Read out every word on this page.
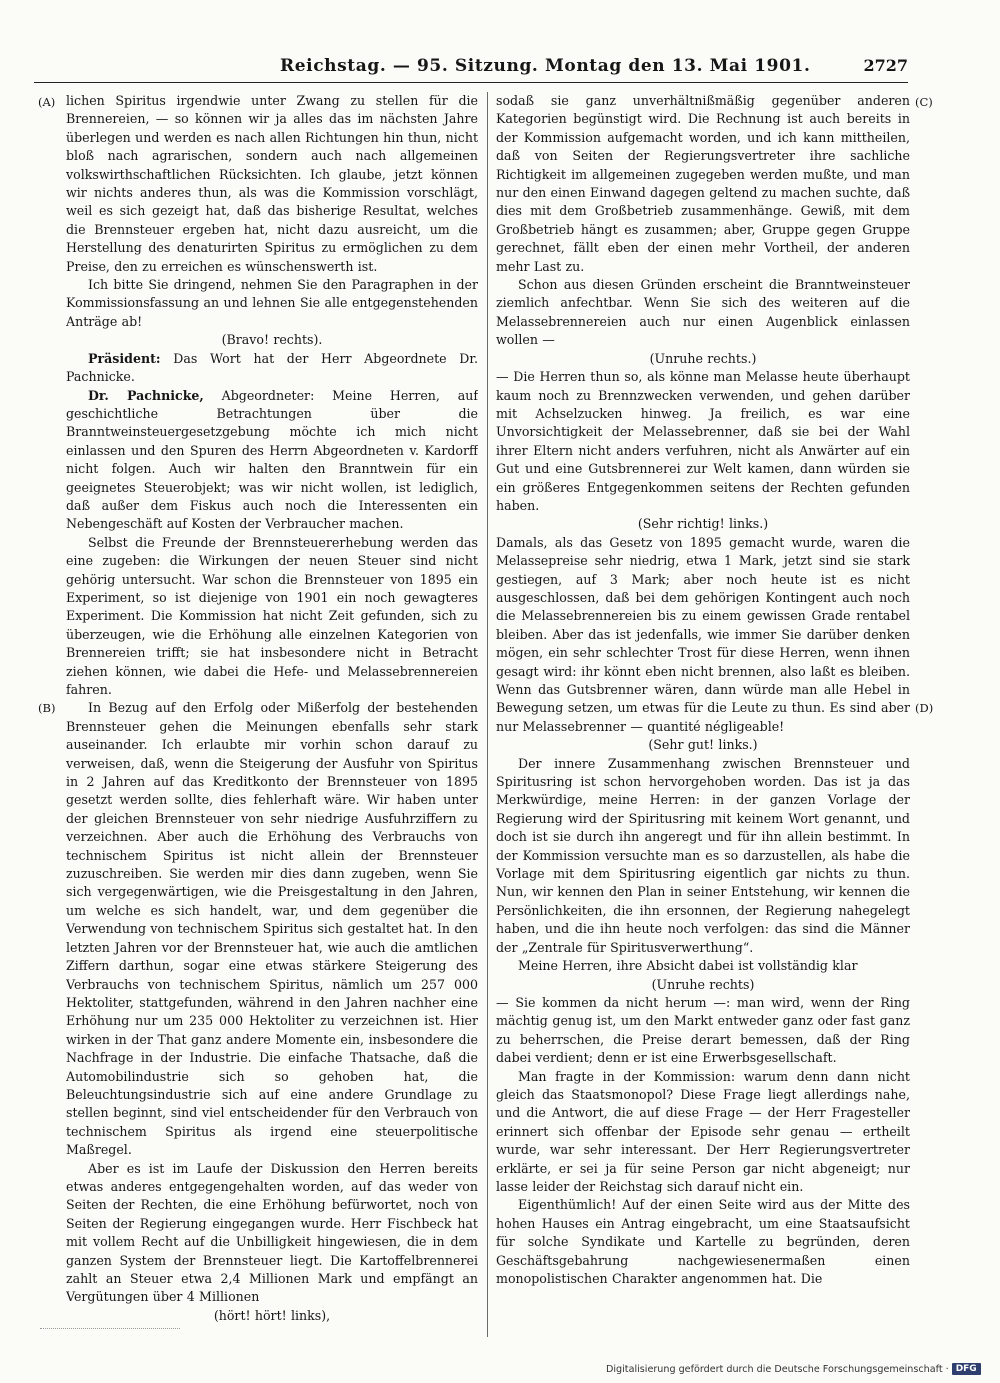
Reichstag. — 95. Sitzung. Montag den 13. Mai 1901.	2727
(A)
(B)
(C)
(D)

lichen Spiritus irgendwie unter Zwang zu stellen für die Brennereien, — so können wir ja alles das im nächsten Jahre überlegen und werden es nach allen Richtungen hin thun, nicht bloß nach agrarischen, sondern auch nach allgemeinen volkswirthschaftlichen Rücksichten. Ich glaube, jetzt können wir nichts anderes thun, als was die Kommission vorschlägt, weil es sich gezeigt hat, daß das bisherige Resultat, welches die Brennsteuer ergeben hat, nicht dazu ausreicht, um die Herstellung des denaturirten Spiritus zu ermöglichen zu dem Preise, den zu erreichen es wünschenswerth ist.

Ich bitte Sie dringend, nehmen Sie den Paragraphen in der Kommissionsfassung an und lehnen Sie alle entgegenstehenden Anträge ab!

(Bravo! rechts).

Präsident: Das Wort hat der Herr Abgeordnete Dr. Pachnicke.

Dr. Pachnicke, Abgeordneter: Meine Herren, auf geschichtliche Betrachtungen über die Branntweinsteuergesetzgebung möchte ich mich nicht einlassen und den Spuren des Herrn Abgeordneten v. Kardorff nicht folgen. Auch wir halten den Branntwein für ein geeignetes Steuerobjekt; was wir nicht wollen, ist lediglich, daß außer dem Fiskus auch noch die Interessenten ein Nebengeschäft auf Kosten der Verbraucher machen.

Selbst die Freunde der Brennsteuererhebung werden das eine zugeben: die Wirkungen der neuen Steuer sind nicht gehörig untersucht. War schon die Brennsteuer von 1895 ein Experiment, so ist diejenige von 1901 ein noch gewagteres Experiment. Die Kommission hat nicht Zeit gefunden, sich zu überzeugen, wie die Erhöhung alle einzelnen Kategorien von Brennereien trifft; sie hat insbesondere nicht in Betracht ziehen können, wie dabei die Hefe- und Melassebrennereien fahren.

In Bezug auf den Erfolg oder Mißerfolg der bestehenden Brennsteuer gehen die Meinungen ebenfalls sehr stark auseinander. Ich erlaubte mir vorhin schon darauf zu verweisen, daß, wenn die Steigerung der Ausfuhr von Spiritus in 2 Jahren auf das Kreditkonto der Brennsteuer von 1895 gesetzt werden sollte, dies fehlerhaft wäre. Wir haben unter der gleichen Brennsteuer von sehr niedrige Ausfuhrziffern zu verzeichnen. Aber auch die Erhöhung des Verbrauchs von technischem Spiritus ist nicht allein der Brennsteuer zuzuschreiben. Sie werden mir dies dann zugeben, wenn Sie sich vergegenwärtigen, wie die Preisgestaltung in den Jahren, um welche es sich handelt, war, und dem gegenüber die Verwendung von technischem Spiritus sich gestaltet hat. In den letzten Jahren vor der Brennsteuer hat, wie auch die amtlichen Ziffern darthun, sogar eine etwas stärkere Steigerung des Verbrauchs von technischem Spiritus, nämlich um 257 000 Hektoliter, stattgefunden, während in den Jahren nachher eine Erhöhung nur um 235 000 Hektoliter zu verzeichnen ist. Hier wirken in der That ganz andere Momente ein, insbesondere die Nachfrage in der Industrie. Die einfache Thatsache, daß die Automobilindustrie sich so gehoben hat, die Beleuchtungsindustrie sich auf eine andere Grundlage zu stellen beginnt, sind viel entscheidender für den Verbrauch von technischem Spiritus als irgend eine steuerpolitische Maßregel.

Aber es ist im Laufe der Diskussion den Herren bereits etwas anderes entgegengehalten worden, auf das weder von Seiten der Rechten, die eine Erhöhung befürwortet, noch von Seiten der Regierung eingegangen wurde. Herr Fischbeck hat mit vollem Recht auf die Unbilligkeit hingewiesen, die in dem ganzen System der Brennsteuer liegt. Die Kartoffelbrennerei zahlt an Steuer etwa 2,4 Millionen Mark und empfängt an Vergütungen über 4 Millionen

(hört! hört! links),

sodaß sie ganz unverhältnißmäßig gegenüber anderen Kategorien begünstigt wird. Die Rechnung ist auch bereits in der Kommission aufgemacht worden, und ich kann mittheilen, daß von Seiten der Regierungsvertreter ihre sachliche Richtigkeit im allgemeinen zugegeben werden mußte, und man nur den einen Einwand dagegen geltend zu machen suchte, daß dies mit dem Großbetrieb zusammenhänge. Gewiß, mit dem Großbetrieb hängt es zusammen; aber, Gruppe gegen Gruppe gerechnet, fällt eben der einen mehr Vortheil, der anderen mehr Last zu.

Schon aus diesen Gründen erscheint die Branntweinsteuer ziemlich anfechtbar. Wenn Sie sich des weiteren auf die Melassebrennereien auch nur einen Augenblick einlassen wollen —

(Unruhe rechts.)

— Die Herren thun so, als könne man Melasse heute überhaupt kaum noch zu Brennzwecken verwenden, und gehen darüber mit Achselzucken hinweg. Ja freilich, es war eine Unvorsichtigkeit der Melassebrenner, daß sie bei der Wahl ihrer Eltern nicht anders verfuhren, nicht als Anwärter auf ein Gut und eine Gutsbrennerei zur Welt kamen, dann würden sie ein größeres Entgegenkommen seitens der Rechten gefunden haben.

(Sehr richtig! links.)

Damals, als das Gesetz von 1895 gemacht wurde, waren die Melassepreise sehr niedrig, etwa 1 Mark, jetzt sind sie stark gestiegen, auf 3 Mark; aber noch heute ist es nicht ausgeschlossen, daß bei dem gehörigen Kontingent auch noch die Melassebrennereien bis zu einem gewissen Grade rentabel bleiben. Aber das ist jedenfalls, wie immer Sie darüber denken mögen, ein sehr schlechter Trost für diese Herren, wenn ihnen gesagt wird: ihr könnt eben nicht brennen, also laßt es bleiben. Wenn das Gutsbrenner wären, dann würde man alle Hebel in Bewegung setzen, um etwas für die Leute zu thun. Es sind aber nur Melassebrenner — quantité négligeable!

(Sehr gut! links.)

Der innere Zusammenhang zwischen Brennsteuer und Spiritusring ist schon hervorgehoben worden. Das ist ja das Merkwürdige, meine Herren: in der ganzen Vorlage der Regierung wird der Spiritusring mit keinem Wort genannt, und doch ist sie durch ihn angeregt und für ihn allein bestimmt. In der Kommission versuchte man es so darzustellen, als habe die Vorlage mit dem Spiritusring eigentlich gar nichts zu thun. Nun, wir kennen den Plan in seiner Entstehung, wir kennen die Persönlichkeiten, die ihn ersonnen, der Regierung nahegelegt haben, und die ihn heute noch verfolgen: das sind die Männer der „Zentrale für Spiritusverwerthung“.

Meine Herren, ihre Absicht dabei ist vollständig klar

(Unruhe rechts)

— Sie kommen da nicht herum —: man wird, wenn der Ring mächtig genug ist, um den Markt entweder ganz oder fast ganz zu beherrschen, die Preise derart bemessen, daß der Ring dabei verdient; denn er ist eine Erwerbsgesellschaft.

Man fragte in der Kommission: warum denn dann nicht gleich das Staatsmonopol? Diese Frage liegt allerdings nahe, und die Antwort, die auf diese Frage — der Herr Fragesteller erinnert sich offenbar der Episode sehr genau — ertheilt wurde, war sehr interessant. Der Herr Regierungsvertreter erklärte, er sei ja für seine Person gar nicht abgeneigt; nur lasse leider der Reichstag sich darauf nicht ein.

Eigenthümlich! Auf der einen Seite wird aus der Mitte des hohen Hauses ein Antrag eingebracht, um eine Staatsaufsicht für solche Syndikate und Kartelle zu begründen, deren Geschäftsgebahrung nachgewiesenermaßen einen monopolistischen Charakter angenommen hat. Die

Digitalisierung gefördert durch die Deutsche Forschungsgemeinschaft · DFG
